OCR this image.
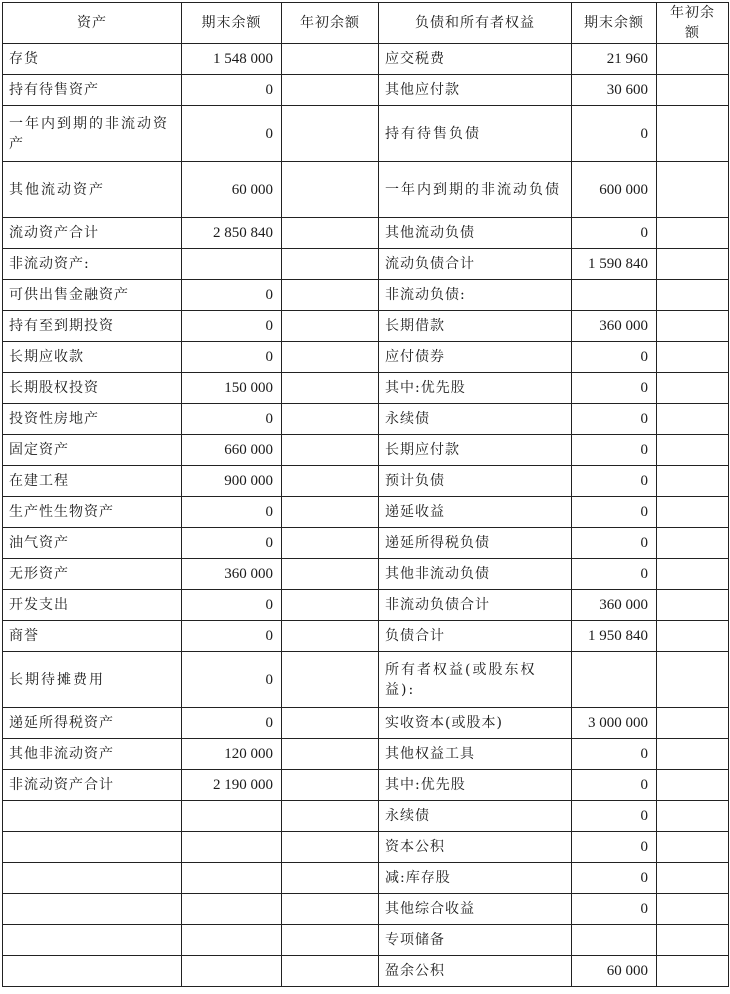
资产	期末余额	年初余额	负债和所有者权益	期末余额	年初余额
存货	1 548 000		应交税费	21 960	
持有待售资产	0		其他应付款	30 600	
一年内到期的非流动资产	0		持有待售负债	0	
其他流动资产	60 000		一年内到期的非流动负债	600 000	
流动资产合计	2 850 840		其他流动负债	0	
非流动资产:			流动负债合计	1 590 840	
可供出售金融资产	0		非流动负债:		
持有至到期投资	0		长期借款	360 000	
长期应收款	0		应付债券	0	
长期股权投资	150 000		其中:优先股	0	
投资性房地产	0		永续债	0	
固定资产	660 000		长期应付款	0	
在建工程	900 000		预计负债	0	
生产性生物资产	0		递延收益	0	
油气资产	0		递延所得税负债	0	
无形资产	360 000		其他非流动负债	0	
开发支出	0		非流动负债合计	360 000	
商誉	0		负债合计	1 950 840	
长期待摊费用	0		所有者权益(或股东权益):		
递延所得税资产	0		实收资本(或股本)	3 000 000	
其他非流动资产	120 000		其他权益工具	0	
非流动资产合计	2 190 000		其中:优先股	0	
			永续债	0	
			资本公积	0	
			减:库存股	0	
			其他综合收益	0	
			专项储备		
			盈余公积	60 000	
